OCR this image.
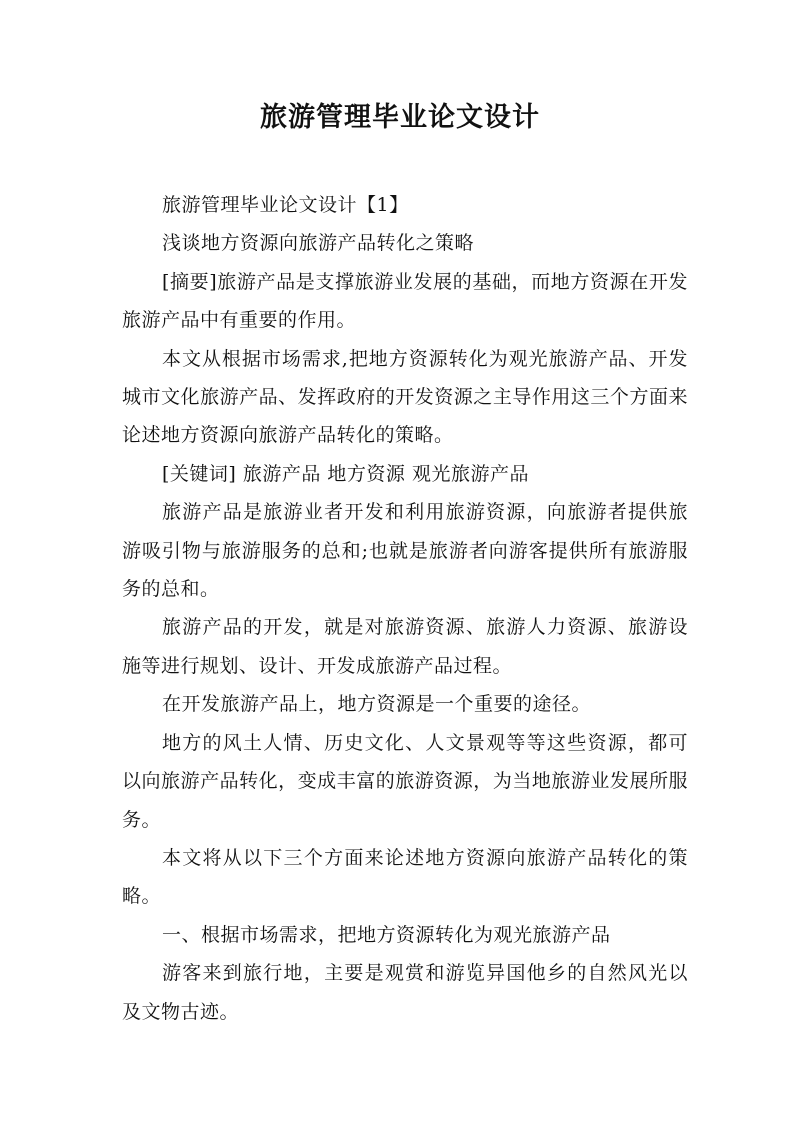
旅游管理毕业论文设计

旅游管理毕业论文设计【1】

浅谈地方资源向旅游产品转化之策略

[摘要]旅游产品是支撑旅游业发展的基础，而地方资源在开发旅游产品中有重要的作用。

本文从根据市场需求,把地方资源转化为观光旅游产品、开发城市文化旅游产品、发挥政府的开发资源之主导作用这三个方面来论述地方资源向旅游产品转化的策略。

[关键词] 旅游产品 地方资源 观光旅游产品

旅游产品是旅游业者开发和利用旅游资源，向旅游者提供旅游吸引物与旅游服务的总和;也就是旅游者向游客提供所有旅游服务的总和。

旅游产品的开发，就是对旅游资源、旅游人力资源、旅游设施等进行规划、设计、开发成旅游产品过程。

在开发旅游产品上，地方资源是一个重要的途径。

地方的风土人情、历史文化、人文景观等等这些资源，都可以向旅游产品转化，变成丰富的旅游资源，为当地旅游业发展所服务。

本文将从以下三个方面来论述地方资源向旅游产品转化的策略。

一、根据市场需求，把地方资源转化为观光旅游产品

游客来到旅行地，主要是观赏和游览异国他乡的自然风光以及文物古迹。
